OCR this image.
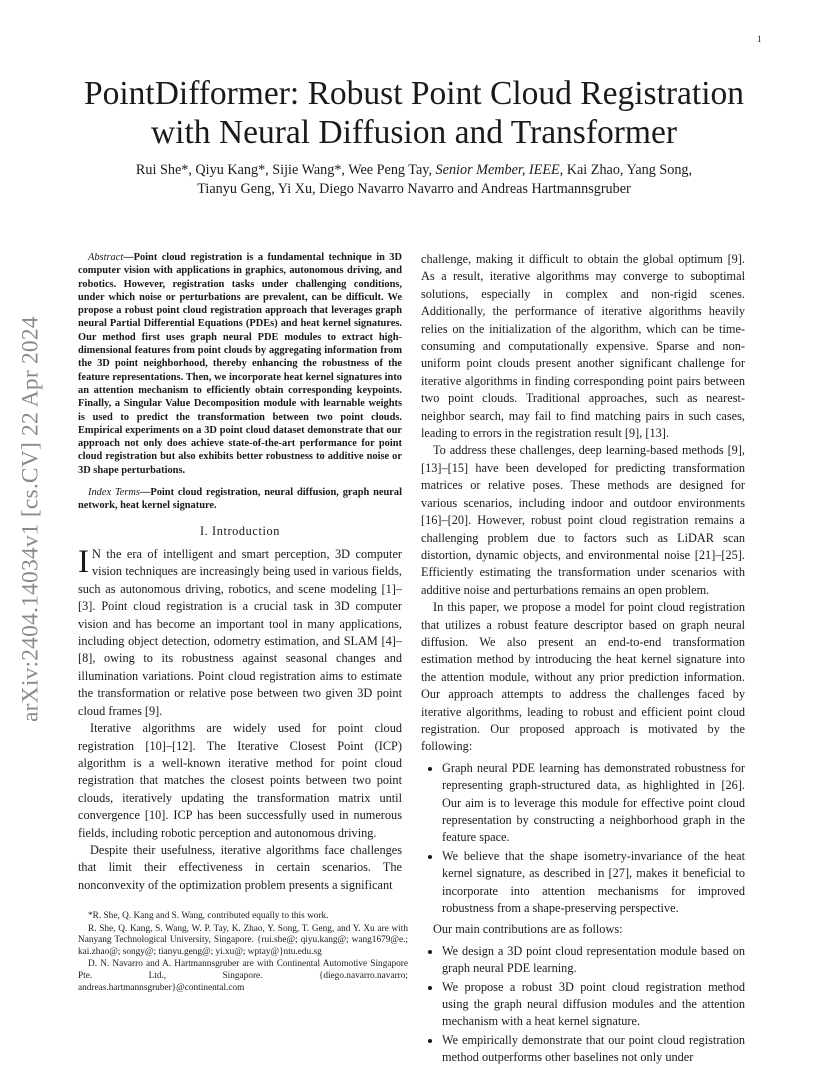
1
arXiv:2404.14034v1 [cs.CV] 22 Apr 2024
PointDifformer: Robust Point Cloud Registration
with Neural Diffusion and Transformer
Rui She*, Qiyu Kang*, Sijie Wang*, Wee Peng Tay, Senior Member, IEEE, Kai Zhao, Yang Song,
Tianyu Geng, Yi Xu, Diego Navarro Navarro and Andreas Hartmannsgruber

Abstract—Point cloud registration is a fundamental technique in 3D computer vision with applications in graphics, autonomous driving, and robotics. However, registration tasks under challenging conditions, under which noise or perturbations are prevalent, can be difficult. We propose a robust point cloud registration approach that leverages graph neural Partial Differential Equations (PDEs) and heat kernel signatures. Our method first uses graph neural PDE modules to extract high-dimensional features from point clouds by aggregating information from the 3D point neighborhood, thereby enhancing the robustness of the feature representations. Then, we incorporate heat kernel signatures into an attention mechanism to efficiently obtain corresponding keypoints. Finally, a Singular Value Decomposition module with learnable weights is used to predict the transformation between two point clouds. Empirical experiments on a 3D point cloud dataset demonstrate that our approach not only does achieve state-of-the-art performance for point cloud registration but also exhibits better robustness to additive noise or 3D shape perturbations.

Index Terms—Point cloud registration, neural diffusion, graph neural network, heat kernel signature.

I. Introduction

I N the era of intelligent and smart perception, 3D computer vision techniques are increasingly being used in various fields, such as autonomous driving, robotics, and scene modeling [1]–[3]. Point cloud registration is a crucial task in 3D computer vision and has become an important tool in many applications, including object detection, odometry estimation, and SLAM [4]–[8], owing to its robustness against seasonal changes and illumination variations. Point cloud registration aims to estimate the transformation or relative pose between two given 3D point cloud frames [9].

Iterative algorithms are widely used for point cloud registration [10]–[12]. The Iterative Closest Point (ICP) algorithm is a well-known iterative method for point cloud registration that matches the closest points between two point clouds, iteratively updating the transformation matrix until convergence [10]. ICP has been successfully used in numerous fields, including robotic perception and autonomous driving.

Despite their usefulness, iterative algorithms face challenges that limit their effectiveness in certain scenarios. The nonconvexity of the optimization problem presents a significant

*R. She, Q. Kang and S. Wang, contributed equally to this work.

R. She, Q. Kang, S. Wang, W. P. Tay, K. Zhao, Y. Song, T. Geng, and Y. Xu are with Nanyang Technological University, Singapore. {rui.she@; qiyu.kang@; wang1679@e.; kai.zhao@; songy@; tianyu.geng@; yi.xu@; wptay@}ntu.edu.sg

D. N. Navarro and A. Hartmannsgruber are with Continental Automotive Singapore Pte. Ltd., Singapore. {diego.navarro.navarro; andreas.hartmannsgruber}@continental.com

challenge, making it difficult to obtain the global optimum [9]. As a result, iterative algorithms may converge to suboptimal solutions, especially in complex and non-rigid scenes. Additionally, the performance of iterative algorithms heavily relies on the initialization of the algorithm, which can be time-consuming and computationally expensive. Sparse and non-uniform point clouds present another significant challenge for iterative algorithms in finding corresponding point pairs between two point clouds. Traditional approaches, such as nearest-neighbor search, may fail to find matching pairs in such cases, leading to errors in the registration result [9], [13].

To address these challenges, deep learning-based methods [9], [13]–[15] have been developed for predicting transformation matrices or relative poses. These methods are designed for various scenarios, including indoor and outdoor environments [16]–[20]. However, robust point cloud registration remains a challenging problem due to factors such as LiDAR scan distortion, dynamic objects, and environmental noise [21]–[25]. Efficiently estimating the transformation under scenarios with additive noise and perturbations remains an open problem.

In this paper, we propose a model for point cloud registration that utilizes a robust feature descriptor based on graph neural diffusion. We also present an end-to-end transformation estimation method by introducing the heat kernel signature into the attention module, without any prior prediction information. Our approach attempts to address the challenges faced by iterative algorithms, leading to robust and efficient point cloud registration. Our proposed approach is motivated by the following:

• Graph neural PDE learning has demonstrated robustness for representing graph-structured data, as highlighted in [26]. Our aim is to leverage this module for effective point cloud representation by constructing a neighborhood graph in the feature space.
• We believe that the shape isometry-invariance of the heat kernel signature, as described in [27], makes it beneficial to incorporate into attention mechanisms for improved robustness from a shape-preserving perspective.

Our main contributions are as follows:

• We design a 3D point cloud representation module based on graph neural PDE learning.
• We propose a robust 3D point cloud registration method using the graph neural diffusion modules and the attention mechanism with a heat kernel signature.
• We empirically demonstrate that our point cloud registration method outperforms other baselines not only under
